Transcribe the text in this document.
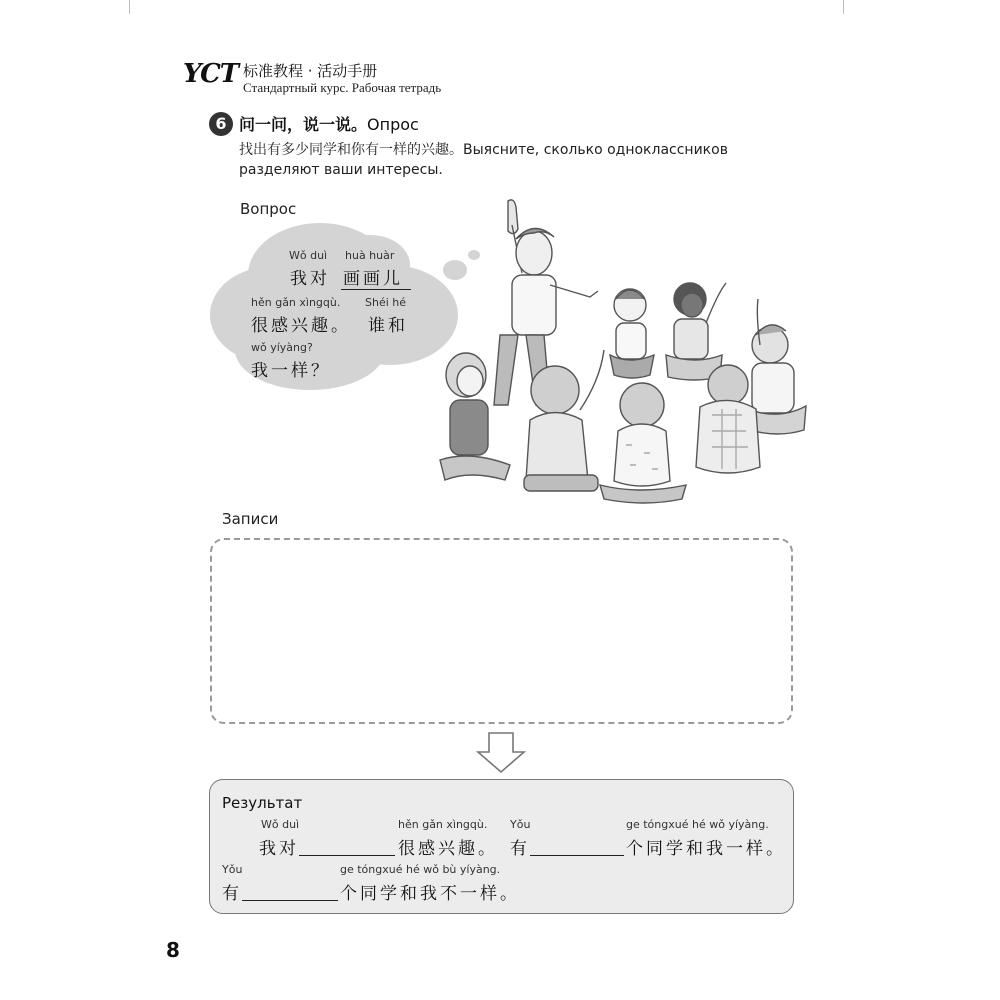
YCT 标准教程 · 活动手册
Стандартный курс. Рабочая тетрадь
6 问一问，说一说。Опрос
找出有多少同学和你有一样的兴趣。Выясните, сколько одноклассников разделяют ваши интересы.
Вопрос
Wǒ duì huà huàr
我对 画画儿
hěn gǎn xìngqù. Shéi hé
很感兴趣。 谁和
wǒ yíyàng?
我一样？
Записи
Результат
Wǒ duì
我对
hěn gǎn xìngqù.
很感兴趣。
Yǒu
有
ge tóngxué hé wǒ yíyàng.
个同学和我一样。
Yǒu
有
ge tóngxué hé wǒ bù yíyàng.
个同学和我不一样。
8
